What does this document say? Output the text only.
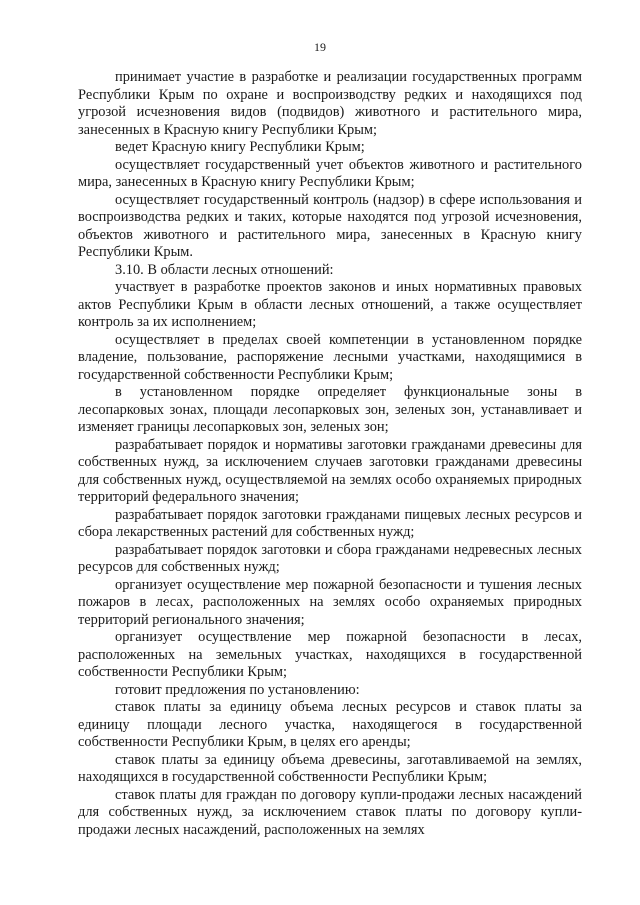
19

принимает участие в разработке и реализации государственных программ Республики Крым по охране и воспроизводству редких и находящихся под угрозой исчезновения видов (подвидов) животного и растительного мира, занесенных в Красную книгу Республики Крым;

ведет Красную книгу Республики Крым;

осуществляет государственный учет объектов животного и растительного мира, занесенных в Красную книгу Республики Крым;

осуществляет государственный контроль (надзор) в сфере использования и воспроизводства редких и таких, которые находятся под угрозой исчезновения, объектов животного и растительного мира, занесенных в Красную книгу Республики Крым.

3.10. В области лесных отношений:

участвует в разработке проектов законов и иных нормативных правовых актов Республики Крым в области лесных отношений, а также осуществляет контроль за их исполнением;

осуществляет в пределах своей компетенции в установленном порядке владение, пользование, распоряжение лесными участками, находящимися в государственной собственности Республики Крым;

в установленном порядке определяет функциональные зоны в лесопарковых зонах, площади лесопарковых зон, зеленых зон, устанавливает и изменяет границы лесопарковых зон, зеленых зон;

разрабатывает порядок и нормативы заготовки гражданами древесины для собственных нужд, за исключением случаев заготовки гражданами древесины для собственных нужд, осуществляемой на землях особо охраняемых природных территорий федерального значения;

разрабатывает порядок заготовки гражданами пищевых лесных ресурсов и сбора лекарственных растений для собственных нужд;

разрабатывает порядок заготовки и сбора гражданами недревесных лесных ресурсов для собственных нужд;

организует осуществление мер пожарной безопасности и тушения лесных пожаров в лесах, расположенных на землях особо охраняемых природных территорий регионального значения;

организует осуществление мер пожарной безопасности в лесах, расположенных на земельных участках, находящихся в государственной собственности Республики Крым;

готовит предложения по установлению:

ставок платы за единицу объема лесных ресурсов и ставок платы за единицу площади лесного участка, находящегося в государственной собственности Республики Крым, в целях его аренды;

ставок платы за единицу объема древесины, заготавливаемой на землях, находящихся в государственной собственности Республики Крым;

ставок платы для граждан по договору купли-продажи лесных насаждений для собственных нужд, за исключением ставок платы по договору купли-продажи лесных насаждений, расположенных на землях
